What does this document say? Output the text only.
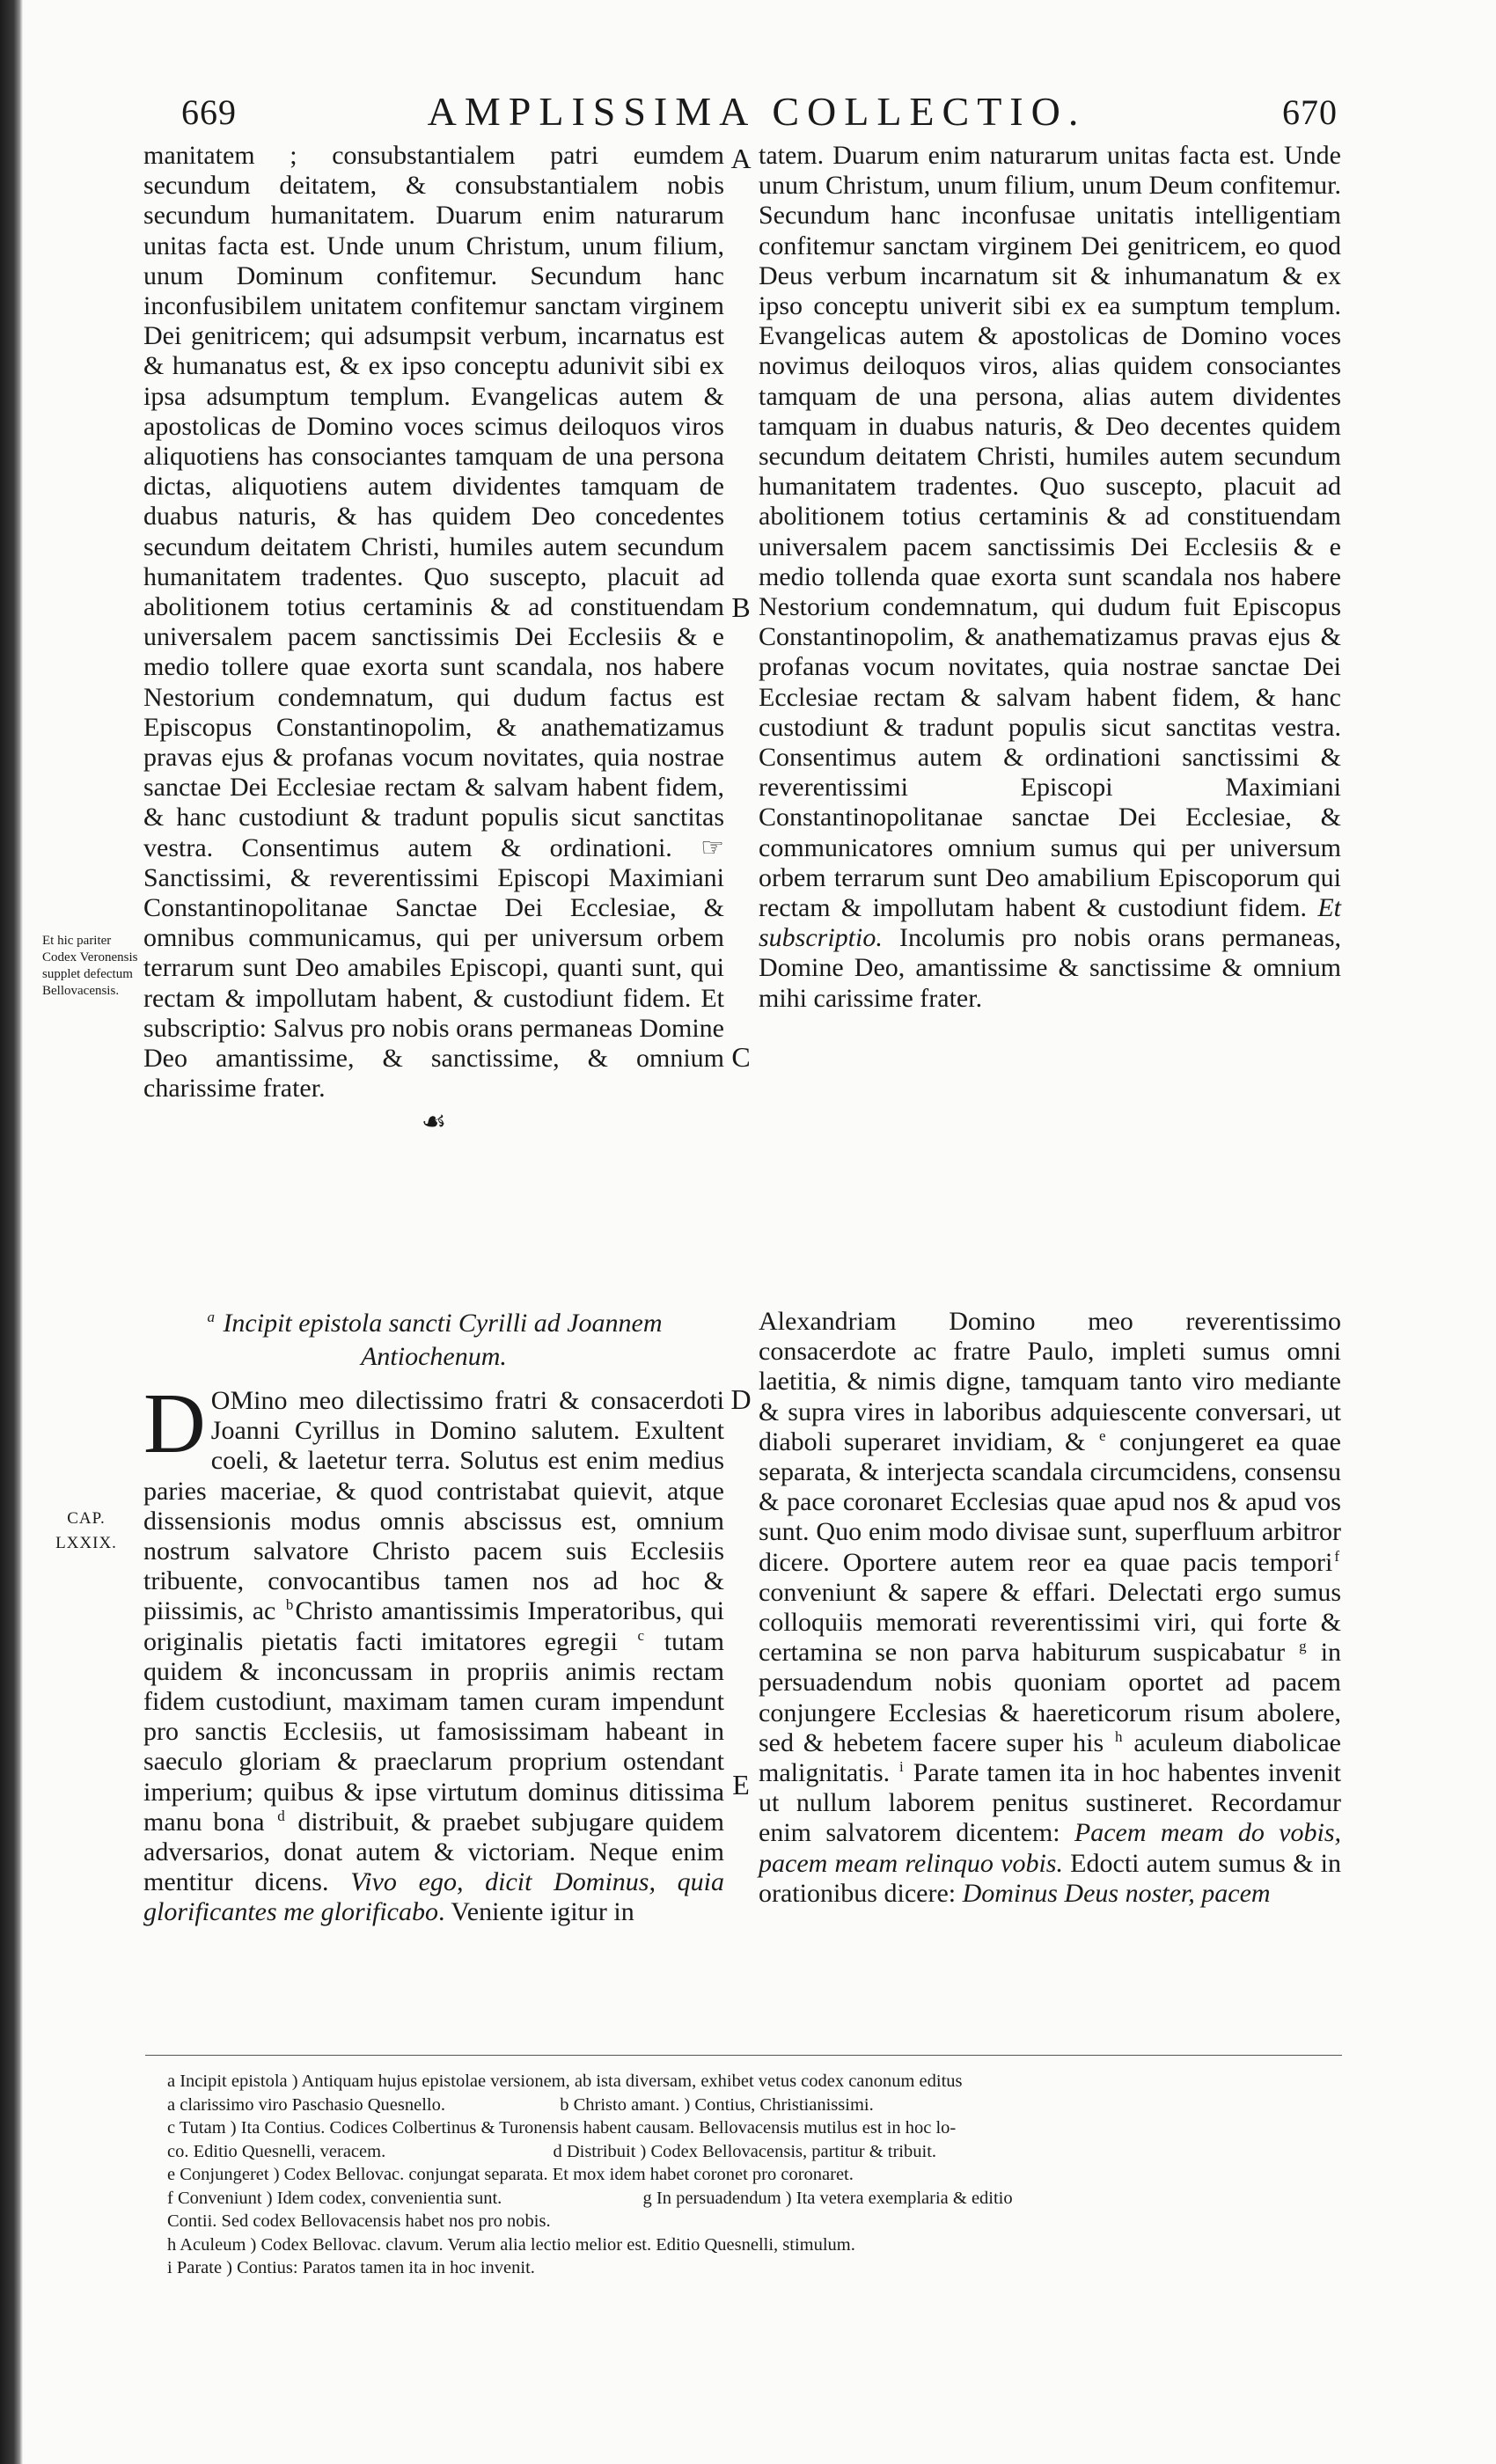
669	AMPLISSIMA COLLECTIO.	670

manitatem ; consubstantialem patri eumdem secundum deitatem, & consubstantialem nobis secundum humanitatem. Duarum enim naturarum unitas facta est. Unde unum Christum, unum filium, unum Dominum confitemur. Secundum hanc inconfusibilem unitatem confitemur sanctam virginem Dei genitricem; qui adsumpsit verbum, incarnatus est & humanatus est, & ex ipso conceptu adunivit sibi ex ipsa adsumptum templum. Evangelicas autem & apostolicas de Domino voces scimus deiloquos viros aliquotiens has consociantes tamquam de una persona dictas, aliquotiens autem dividentes tamquam de duabus naturis, & has quidem Deo concedentes secundum deitatem Christi, humiles autem secundum humanitatem tradentes. Quo suscepto, placuit ad abolitionem totius certaminis & ad constituendam universalem pacem sanctissimis Dei Ecclesiis & e medio tollere quae exorta sunt scandala, nos habere Nestorium condemnatum, qui dudum factus est Episcopus Constantinopolim, & anathematizamus pravas ejus & profanas vocum novitates, quia nostrae sanctae Dei Ecclesiae rectam & salvam habent fidem, & hanc custodiunt & tradunt populis sicut sanctitas vestra. Consentimus autem & ordinationi. ☞ Sanctissimi, & reverentissimi Episcopi Maximiani Constantinopolitanae Sanctae Dei Ecclesiae, & omnibus communicamus, qui per universum orbem terrarum sunt Deo amabiles Episcopi, quanti sunt, qui rectam & impollutam habent, & custodiunt fidem. Et subscriptio: Salvus pro nobis orans permaneas Domine Deo amantissime, & sanctissime, & omnium charissime frater.

☙

tatem. Duarum enim naturarum unitas facta est. Unde unum Christum, unum filium, unum Deum confitemur. Secundum hanc inconfusae unitatis intelligentiam confitemur sanctam virginem Dei genitricem, eo quod Deus verbum incarnatum sit & inhumanatum & ex ipso conceptu univerit sibi ex ea sumptum templum. Evangelicas autem & apostolicas de Domino voces novimus deiloquos viros, alias quidem consociantes tamquam de una persona, alias autem dividentes tamquam in duabus naturis, & Deo decentes quidem secundum deitatem Christi, humiles autem secundum humanitatem tradentes. Quo suscepto, placuit ad abolitionem totius certaminis & ad constituendam universalem pacem sanctissimis Dei Ecclesiis & e medio tollenda quae exorta sunt scandala nos habere Nestorium condemnatum, qui dudum fuit Episcopus Constantinopolim, & anathematizamus pravas ejus & profanas vocum novitates, quia nostrae sanctae Dei Ecclesiae rectam & salvam habent fidem, & hanc custodiunt & tradunt populis sicut sanctitas vestra. Consentimus autem & ordinationi sanctissimi & reverentissimi Episcopi Maximiani Constantinopolitanae sanctae Dei Ecclesiae, & communicatores omnium sumus qui per universum orbem terrarum sunt Deo amabilium Episcoporum qui rectam & impollutam habent & custodiunt fidem. Et subscriptio. Incolumis pro nobis orans permaneas, Domine Deo, amantissime & sanctissime & omnium mihi carissime frater.

A
B
C
D
E
Et hic pariter Codex Veronensis supplet defectum Bellovacensis.
CAP. LXXIX.
$^a$ Incipit epistola sancti Cyrilli ad Joannem Antiochenum.

D OMino meo dilectissimo fratri & consacerdoti Joanni Cyrillus in Domino salutem. Exultent coeli, & laetetur terra. Solutus est enim medius paries maceriae, & quod contristabat quievit, atque dissensionis modus omnis abscissus est, omnium nostrum salvatore Christo pacem suis Ecclesiis tribuente, convocantibus tamen nos ad hoc & piissimis, ac $^b$Christo amantissimis Imperatoribus, qui originalis pietatis facti imitatores egregii $^c$ tutam quidem & inconcussam in propriis animis rectam fidem custodiunt, maximam tamen curam impendunt pro sanctis Ecclesiis, ut famosissimam habeant in saeculo gloriam & praeclarum proprium ostendant imperium; quibus & ipse virtutum dominus ditissima manu bona $^d$ distribuit, & praebet subjugare quidem adversarios, donat autem & victoriam. Neque enim mentitur dicens. Vivo ego, dicit Dominus, quia glorificantes me glorificabo. Veniente igitur in

Alexandriam Domino meo reverentissimo consacerdote ac fratre Paulo, impleti sumus omni laetitia, & nimis digne, tamquam tanto viro mediante & supra vires in laboribus adquiescente conversari, ut diaboli superaret invidiam, & $^e$ conjungeret ea quae separata, & interjecta scandala circumcidens, consensu & pace coronaret Ecclesias quae apud nos & apud vos sunt. Quo enim modo divisae sunt, superfluum arbitror dicere. Oportere autem reor ea quae pacis tempori $^f$ conveniunt & sapere & effari. Delectati ergo sumus colloquiis memorati reverentissimi viri, qui forte & certamina se non parva habiturum suspicabatur $^g$ in persuadendum nobis quoniam oportet ad pacem conjungere Ecclesias & haereticorum risum abolere, sed & hebetem facere super his $^h$ aculeum diabolicae malignitatis. $^i$ Parate tamen ita in hoc habentes invenit ut nullum laborem penitus sustineret. Recordamur enim salvatorem dicentem: Pacem meam do vobis, pacem meam relinquo vobis. Edocti autem sumus & in orationibus dicere: Dominus Deus noster, pacem

a Incipit epistola ) Antiquam hujus epistolae versionem, ab ista diversam, exhibet vetus codex canonum editus
a clarissimo viro Paschasio Quesnello.	b Christo amant. ) Contius, Christianissimi.
c Tutam ) Ita Contius. Codices Colbertinus & Turonensis habent causam. Bellovacensis mutilus est in hoc lo-
co. Editio Quesnelli, veracem.	d Distribuit ) Codex Bellovacensis, partitur & tribuit.
e Conjungeret ) Codex Bellovac. conjungat separata. Et mox idem habet coronet pro coronaret.
f Conveniunt ) Idem codex, convenientia sunt.	g In persuadendum ) Ita vetera exemplaria & editio
Contii. Sed codex Bellovacensis habet nos pro nobis.
h Aculeum ) Codex Bellovac. clavum. Verum alia lectio melior est. Editio Quesnelli, stimulum.
i Parate ) Contius: Paratos tamen ita in hoc invenit.
